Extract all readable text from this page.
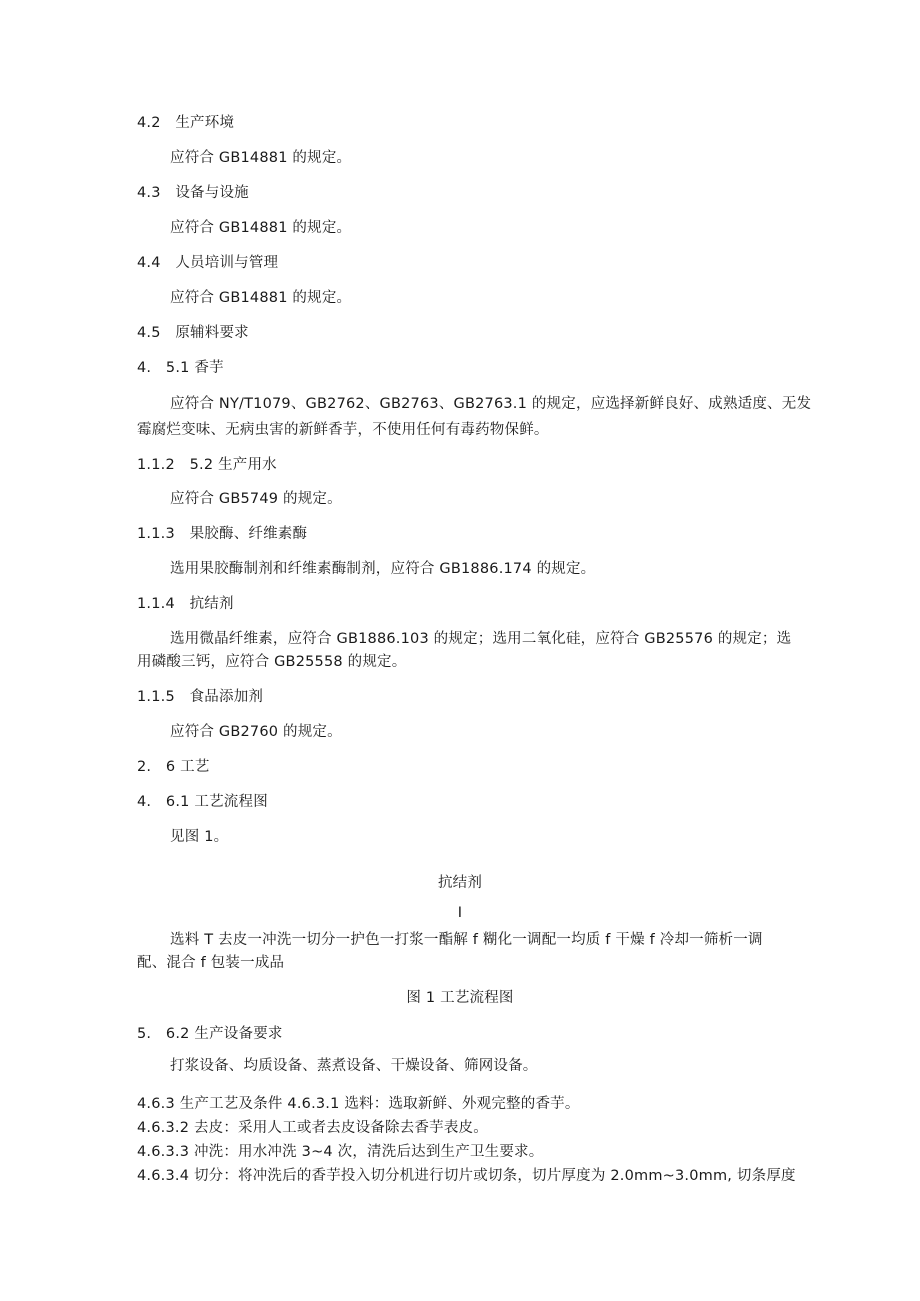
4.2　生产环境
应符合 GB14881 的规定。
4.3　设备与设施
应符合 GB14881 的规定。
4.4　人员培训与管理
应符合 GB14881 的规定。
4.5　原辅料要求
4.　5.1 香芋
应符合 NY/T1079、GB2762、GB2763、GB2763.1 的规定，应选择新鲜良好、成熟适度、无发
霉腐烂变味、无病虫害的新鲜香芋，不使用任何有毒药物保鲜。
1.1.2　5.2 生产用水
应符合 GB5749 的规定。
1.1.3　果胶酶、纤维素酶
选用果胶酶制剂和纤维素酶制剂，应符合 GB1886.174 的规定。
1.1.4　抗结剂
选用微晶纤维素，应符合 GB1886.103 的规定；选用二氧化硅，应符合 GB25576 的规定；选
用磷酸三钙，应符合 GB25558 的规定。
1.1.5　食品添加剂
应符合 GB2760 的规定。
2.　6 工艺
4.　6.1 工艺流程图
见图 1。
抗结剂
I
选料 T 去皮一冲洗一切分一护色一打浆一酯解 f 糊化一调配一均质 f 干燥 f 冷却一筛析一调
配、混合 f 包装一成品
图 1 工艺流程图
5.　6.2 生产设备要求
打浆设备、均质设备、蒸煮设备、干燥设备、筛网设备。
4.6.3 生产工艺及条件 4.6.3.1 选料：选取新鲜、外观完整的香芋。
4.6.3.2 去皮：采用人工或者去皮设备除去香芋表皮。
4.6.3.3 冲洗：用水冲洗 3~4 次，清洗后达到生产卫生要求。
4.6.3.4 切分：将冲洗后的香芋投入切分机进行切片或切条，切片厚度为 2.0mm~3.0mm, 切条厚度
